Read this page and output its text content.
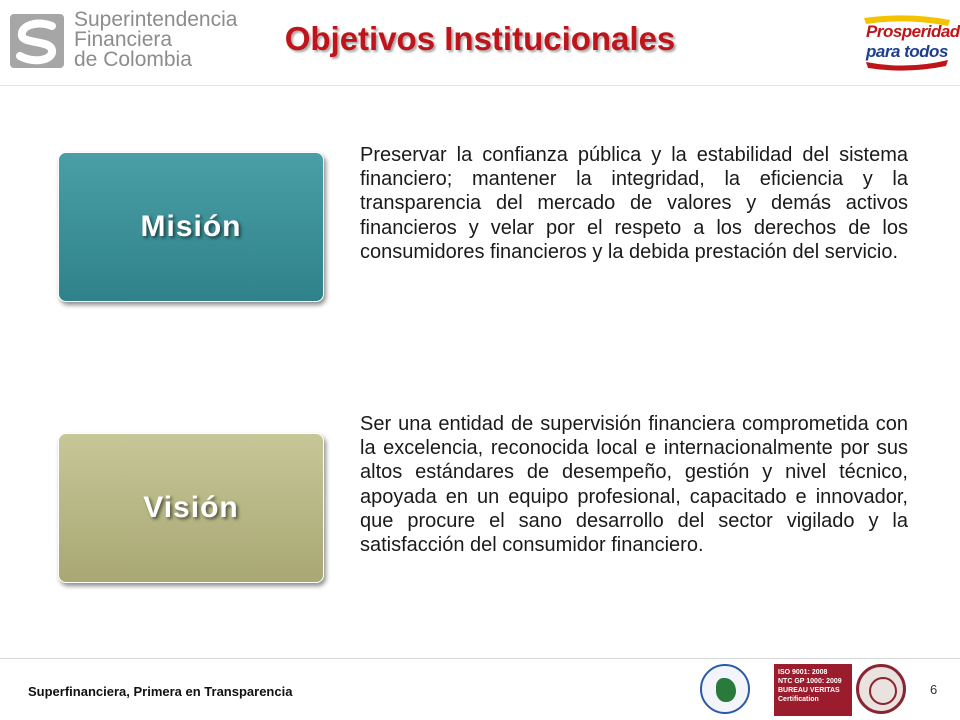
Superintendencia
Financiera
de Colombia
Objetivos Institucionales	Prosperidad
para todos
Misión
Preservar la confianza pública y la estabilidad del sistema financiero; mantener la integridad, la eficiencia y la transparencia del mercado de valores y demás activos financieros y velar por el respeto a los derechos de los consumidores financieros y la debida prestación del servicio.
Visión
Ser una entidad de supervisión financiera comprometida con la excelencia, reconocida local e internacionalmente por sus altos estándares de desempeño, gestión y nivel técnico, apoyada en un equipo profesional, capacitado e innovador, que procure el sano desarrollo del sector vigilado y la satisfacción del consumidor financiero.
Superfinanciera, Primera en Transparencia
ISO 9001: 2008
NTC GP 1000: 2009
BUREAU VERITAS
Certification
6
